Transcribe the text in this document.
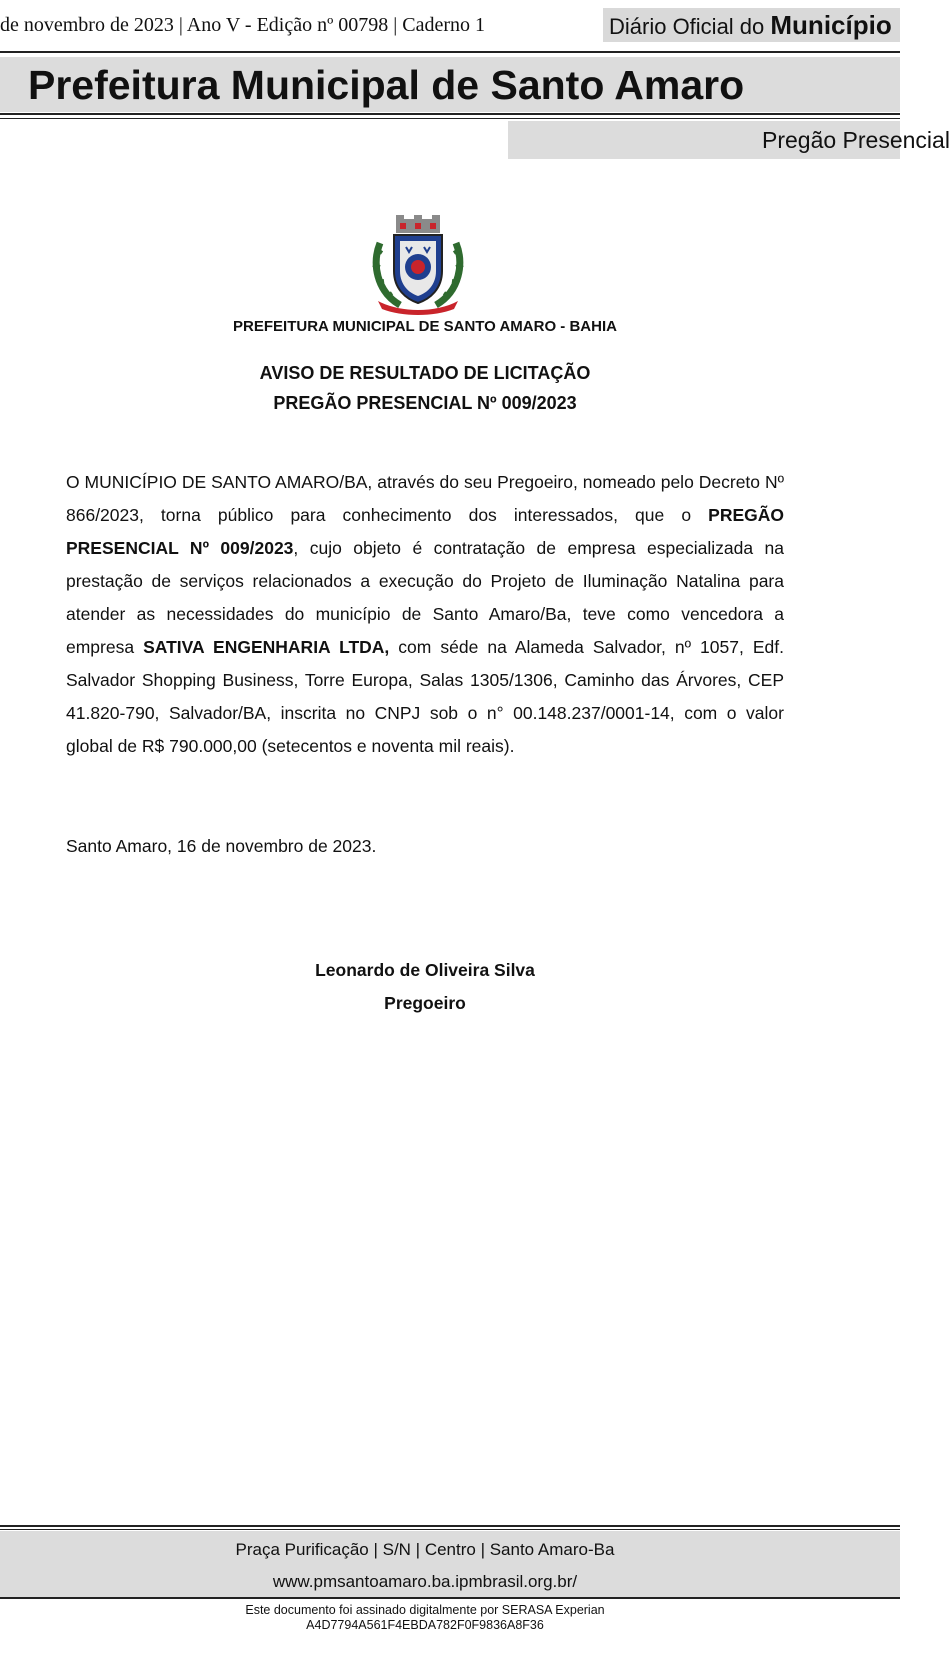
de novembro de 2023 | Ano V - Edição nº 00798 | Caderno 1	Diário Oficial do Município
Prefeitura Municipal de Santo Amaro
Pregão Presencial
PREFEITURA MUNICIPAL DE SANTO AMARO - BAHIA
AVISO DE RESULTADO DE LICITAÇÃO
PREGÃO PRESENCIAL Nº 009/2023
O MUNICÍPIO DE SANTO AMARO/BA, através do seu Pregoeiro, nomeado pelo Decreto Nº 866/2023, torna público para conhecimento dos interessados, que o PREGÃO PRESENCIAL Nº 009/2023, cujo objeto é contratação de empresa especializada na prestação de serviços relacionados a execução do Projeto de Iluminação Natalina para atender as necessidades do município de Santo Amaro/Ba, teve como vencedora a empresa SATIVA ENGENHARIA LTDA, com séde na Alameda Salvador, nº 1057, Edf. Salvador Shopping Business, Torre Europa, Salas 1305/1306, Caminho das Árvores, CEP 41.820-790, Salvador/BA, inscrita no CNPJ sob o n° 00.148.237/0001-14, com o valor global de R$ 790.000,00 (setecentos e noventa mil reais).
Santo Amaro, 16 de novembro de 2023.
Leonardo de Oliveira Silva
Pregoeiro
Praça Purificação | S/N | Centro | Santo Amaro-Ba
www.pmsantoamaro.ba.ipmbrasil.org.br/
Este documento foi assinado digitalmente por SERASA Experian
A4D7794A561F4EBDA782F0F9836A8F36
